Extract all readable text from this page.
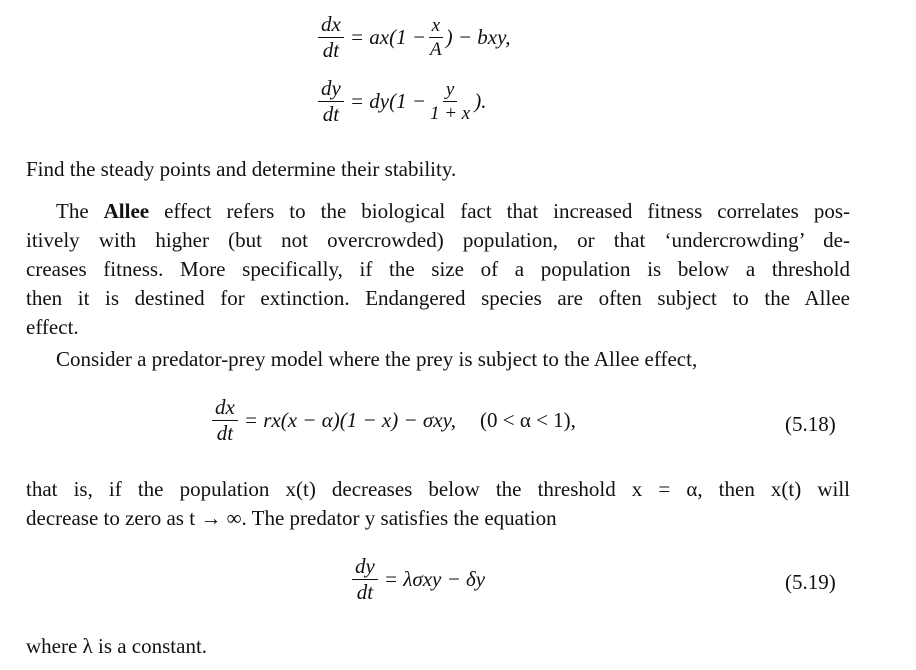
$\frac{dx}{dt} = ax(1 - \frac{x}{A}$ ) − bxy,
$\frac{dy}{dt} = dy(1 - \frac{y}{1 + x}$ ).
Find the steady points and determine their stability.
The Allee effect refers to the biological fact that increased fitness correlates pos-
itively with higher (but not overcrowded) population, or that ‘undercrowding’ de-
creases fitness. More specifically, if the size of a population is below a threshold
then it is destined for extinction. Endangered species are often subject to the Allee
effect.
Consider a predator-prey model where the prey is subject to the Allee effect,
$\frac{dx}{dt} = rx(x - \alpha)(1 - x) - \sigma xy$, (0 < α < 1),	(5.18)
that is, if the population x(t) decreases below the threshold x = α, then x(t) will
decrease to zero as t → ∞. The predator y satisfies the equation
$\frac{dy}{dt} = \lambda\sigma xy - \delta y$	(5.19)
where λ is a constant.
